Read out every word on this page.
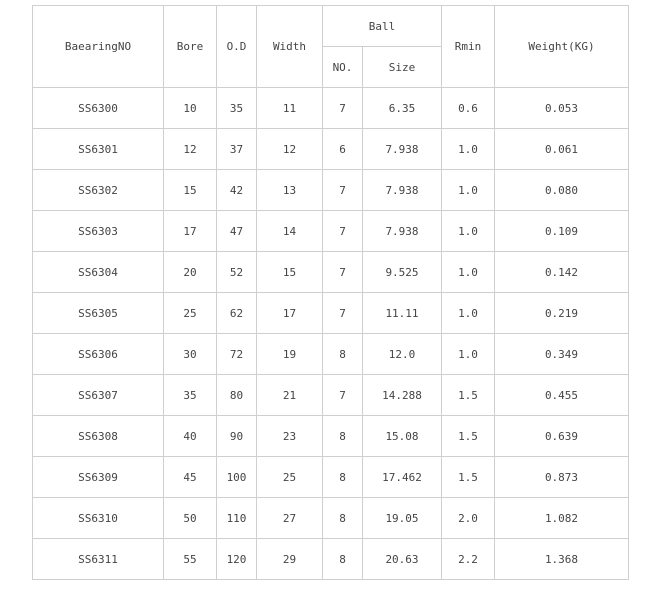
BaearingNO	Bore	O.D	Width	Ball		Rmin	Weight(KG)
				NO.	Size		
SS6300	10	35	11	7	6.35	0.6	0.053
SS6301	12	37	12	6	7.938	1.0	0.061
SS6302	15	42	13	7	7.938	1.0	0.080
SS6303	17	47	14	7	7.938	1.0	0.109
SS6304	20	52	15	7	9.525	1.0	0.142
SS6305	25	62	17	7	11.11	1.0	0.219
SS6306	30	72	19	8	12.0	1.0	0.349
SS6307	35	80	21	7	14.288	1.5	0.455
SS6308	40	90	23	8	15.08	1.5	0.639
SS6309	45	100	25	8	17.462	1.5	0.873
SS6310	50	110	27	8	19.05	2.0	1.082
SS6311	55	120	29	8	20.63	2.2	1.368
